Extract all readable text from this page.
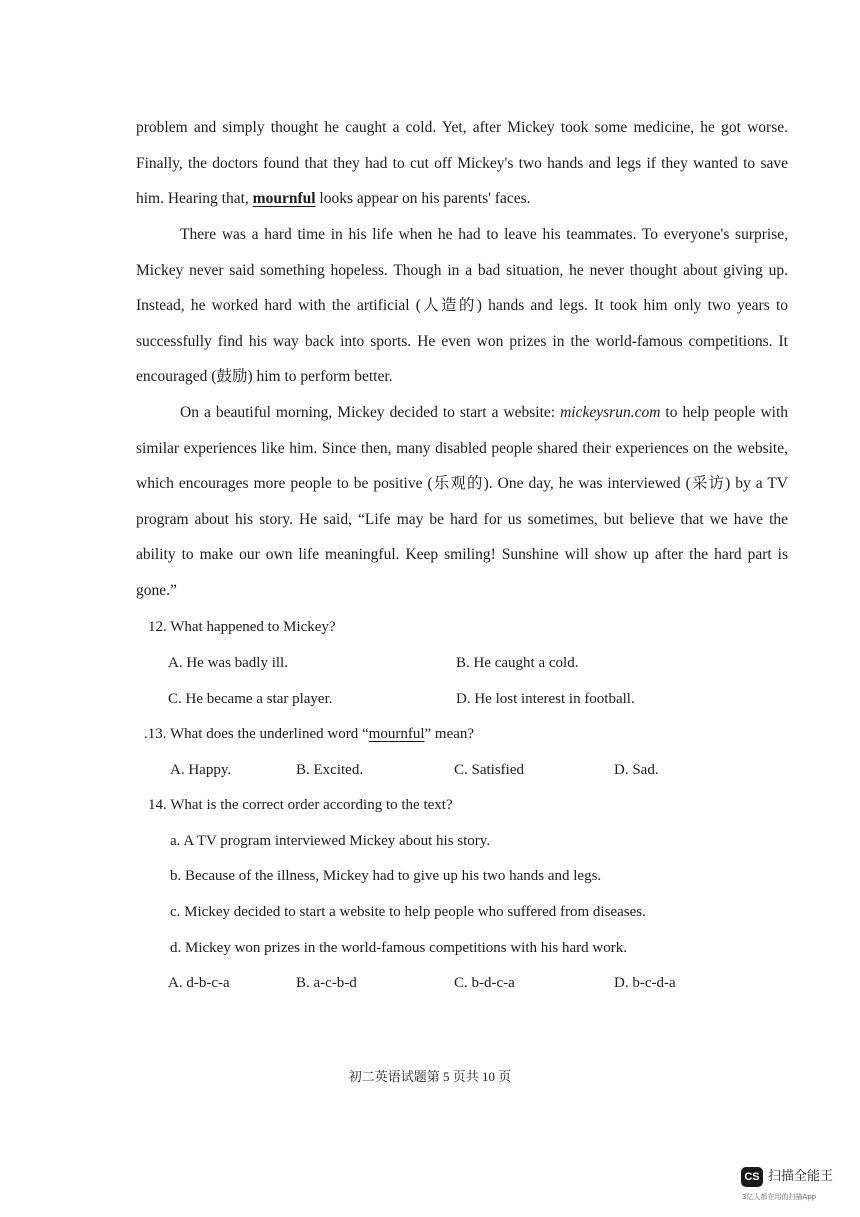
problem and simply thought he caught a cold. Yet, after Mickey took some medicine, he got worse. Finally, the doctors found that they had to cut off Mickey's two hands and legs if they wanted to save him. Hearing that, mournful looks appear on his parents' faces.

There was a hard time in his life when he had to leave his teammates. To everyone's surprise, Mickey never said something hopeless. Though in a bad situation, he never thought about giving up. Instead, he worked hard with the artificial (人造的) hands and legs. It took him only two years to successfully find his way back into sports. He even won prizes in the world-famous competitions. It encouraged (鼓励) him to perform better.

On a beautiful morning, Mickey decided to start a website: mickeysrun.com to help people with similar experiences like him. Since then, many disabled people shared their experiences on the website, which encourages more people to be positive (乐观的). One day, he was interviewed (采访) by a TV program about his story. He said, “Life may be hard for us sometimes, but believe that we have the ability to make our own life meaningful. Keep smiling! Sunshine will show up after the hard part is gone.”

12. What happened to Mickey?
A. He was badly ill.	B. He caught a cold.
C. He became a star player.	D. He lost interest in football.
.13. What does the underlined word “mournful” mean?
A. Happy.	B. Excited.	C. Satisfied	D. Sad.
14. What is the correct order according to the text?
a. A TV program interviewed Mickey about his story.
b. Because of the illness, Mickey had to give up his two hands and legs.
c. Mickey decided to start a website to help people who suffered from diseases.
d. Mickey won prizes in the world-famous competitions with his hard work.
A. d-b-c-a	B. a-c-b-d	C. b-d-c-a	D. b-c-d-a
初二英语试题第 5 页共 10 页
CS 扫描全能王
3亿人都在用的扫描App
